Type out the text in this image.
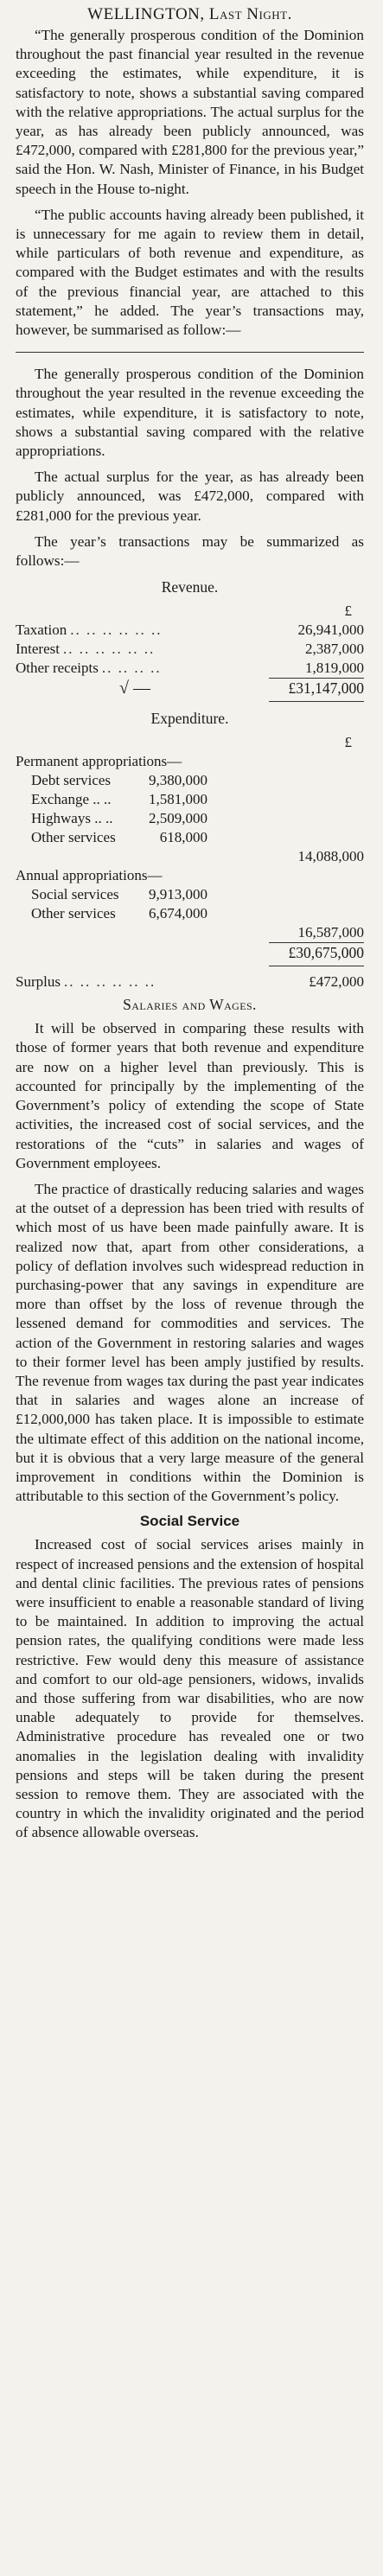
WELLINGTON, Last Night.

“The generally prosperous condition of the Dominion throughout the past financial year resulted in the revenue exceeding the estimates, while expenditure, it is satisfactory to note, shows a substantial saving compared with the relative appropriations. The actual surplus for the year, as has already been publicly announced, was £472,000, compared with £281,800 for the previous year,” said the Hon. W. Nash, Minister of Finance, in his Budget speech in the House to-night.

“The public accounts having already been published, it is unnecessary for me again to review them in detail, while particulars of both revenue and expenditure, as compared with the Budget estimates and with the results of the previous financial year, are attached to this statement,” he added. The year’s transactions may, however, be summarised as follow:—

The generally prosperous condition of the Dominion throughout the year resulted in the revenue exceeding the estimates, while expenditure, it is satisfactory to note, shows a substantial saving compared with the relative appropriations.

The actual surplus for the year, as has already been publicly announced, was £472,000, compared with £281,000 for the previous year.

The year’s transactions may be summarized as follows:—

Revenue.
£
Taxation .. .. .. .. .. ..	26,941,000
Interest .. .. .. .. .. ..	2,387,000
Other receipts .. .. .. ..	1,819,000
√ —	£31,147,000
Expenditure.
£
Permanent appropriations—
Debt services	9,380,000
Exchange .. ..	1,581,000
Highways .. ..	2,509,000
Other services	618,000
14,088,000
Annual appropriations—
Social services	9,913,000
Other services	6,674,000
16,587,000
£30,675,000
Surplus .. .. .. .. .. ..	£472,000
Salaries and Wages.

It will be observed in comparing these results with those of former years that both revenue and expenditure are now on a higher level than previously. This is accounted for principally by the implementing of the Government’s policy of extending the scope of State activities, the increased cost of social services, and the restorations of the “cuts” in salaries and wages of Government employees.

The practice of drastically reducing salaries and wages at the outset of a depression has been tried with results of which most of us have been made painfully aware. It is realized now that, apart from other considerations, a policy of deflation involves such widespread reduction in purchasing-power that any savings in expenditure are more than offset by the loss of revenue through the lessened demand for commodities and services. The action of the Government in restoring salaries and wages to their former level has been amply justified by results. The revenue from wages tax during the past year indicates that in salaries and wages alone an increase of £12,000,000 has taken place. It is impossible to estimate the ultimate effect of this addition on the national income, but it is obvious that a very large measure of the general improvement in conditions within the Dominion is attributable to this section of the Government’s policy.

Social Service

Increased cost of social services arises mainly in respect of increased pensions and the extension of hospital and dental clinic facilities. The previous rates of pensions were insufficient to enable a reasonable standard of living to be maintained. In addition to improving the actual pension rates, the qualifying conditions were made less restrictive. Few would deny this measure of assistance and comfort to our old-age pensioners, widows, invalids and those suffering from war disabilities, who are now unable adequately to provide for themselves. Administrative procedure has revealed one or two anomalies in the legislation dealing with invalidity pensions and steps will be taken during the present session to remove them. They are associated with the country in which the invalidity originated and the period of absence allowable overseas.
